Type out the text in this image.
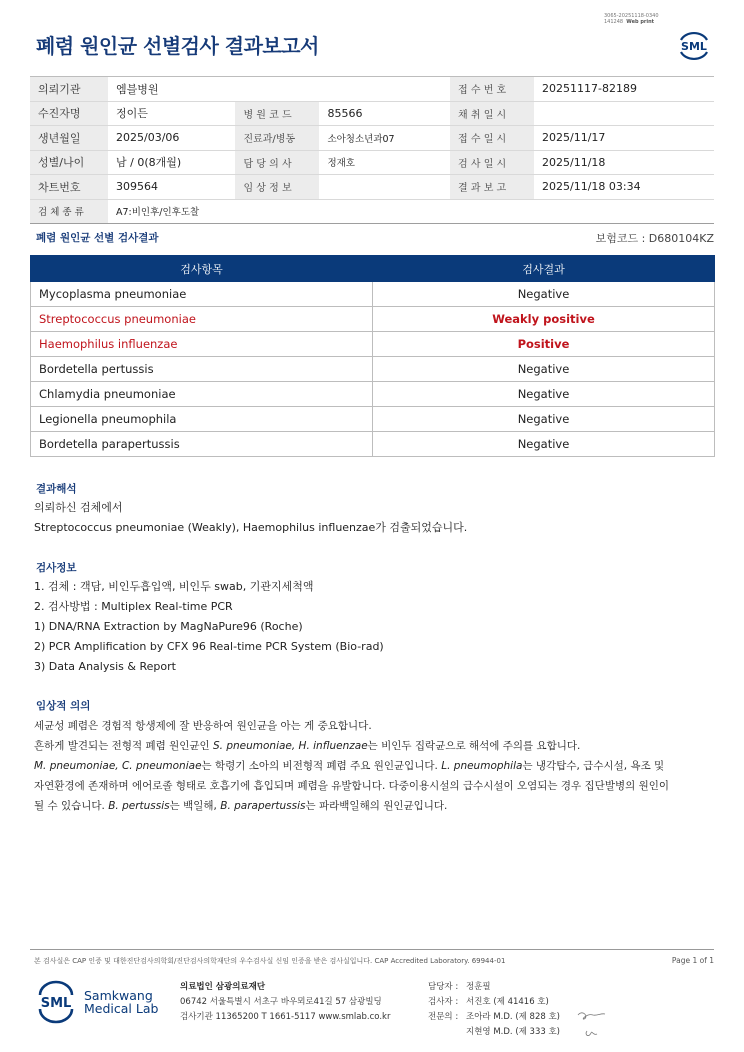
3065-20251118-0340
141248 Web print
폐렴 원인균 선별검사 결과보고서	SML
의뢰기관	엠블병원			접 수 번 호	20251117-82189
수진자명	정이든	병 원 코 드	85566	채 취 일 시	
생년월일	2025/03/06	진료과/병동	소아청소년과07	접 수 일 시	2025/11/17
성별/나이	남 / 0(8개월)	담 당 의 사	정재호	검 사 일 시	2025/11/18
차트번호	309564	임 상 정 보		결 과 보 고	2025/11/18 03:34
검 체 종 류	A7:비인후/인후도찰				
폐렴 원인균 선별 검사결과	보험코드 : D680104KZ
검사항목	검사결과
Mycoplasma pneumoniae	Negative
Streptococcus pneumoniae	Weakly positive
Haemophilus influenzae	Positive
Bordetella pertussis	Negative
Chlamydia pneumoniae	Negative
Legionella pneumophila	Negative
Bordetella parapertussis	Negative
결과해석
의뢰하신 검체에서
Streptococcus pneumoniae (Weakly), Haemophilus influenzae가 검출되었습니다.
검사정보
1. 검체 : 객담, 비인두흡입액, 비인두 swab, 기관지세척액
2. 검사방법 : Multiplex Real-time PCR
1) DNA/RNA Extraction by MagNaPure96 (Roche)
2) PCR Amplification by CFX 96 Real-time PCR System (Bio-rad)
3) Data Analysis & Report
임상적 의의
세균성 폐렴은 경험적 항생제에 잘 반응하여 원인균을 아는 게 중요합니다.
흔하게 발견되는 전형적 폐렴 원인균인 S. pneumoniae, H. influenzae는 비인두 집락균으로 해석에 주의를 요합니다.
M. pneumoniae, C. pneumoniae는 학령기 소아의 비전형적 폐렴 주요 원인균입니다. L. pneumophila는 냉각탑수, 급수시설, 욕조 및
자연환경에 존재하며 에어로졸 형태로 호흡기에 흡입되며 폐렴을 유발합니다. 다중이용시설의 급수시설이 오염되는 경우 집단발병의 원인이
될 수 있습니다. B. pertussis는 백일해, B. parapertussis는 파라백일해의 원인균입니다.
본 검사실은 CAP 인증 및 대한진단검사의학회/진단검사의학재단의 우수검사실 신임 인증을 받은 검사실입니다. CAP Accredited Laboratory. 69944-01	Page 1 of 1
SML
Samkwang
Medical Lab
의료법인 삼광의료재단
06742 서울특별시 서초구 바우뫼로41길 57 삼광빌딩
검사기관 11365200 T 1661-5117 www.smlab.co.kr
담당자 : 정훈필
검사자 : 서진호 (제 41416 호)
전문의 : 조아라 M.D. (제 828 호)
지현영 M.D. (제 333 호)
